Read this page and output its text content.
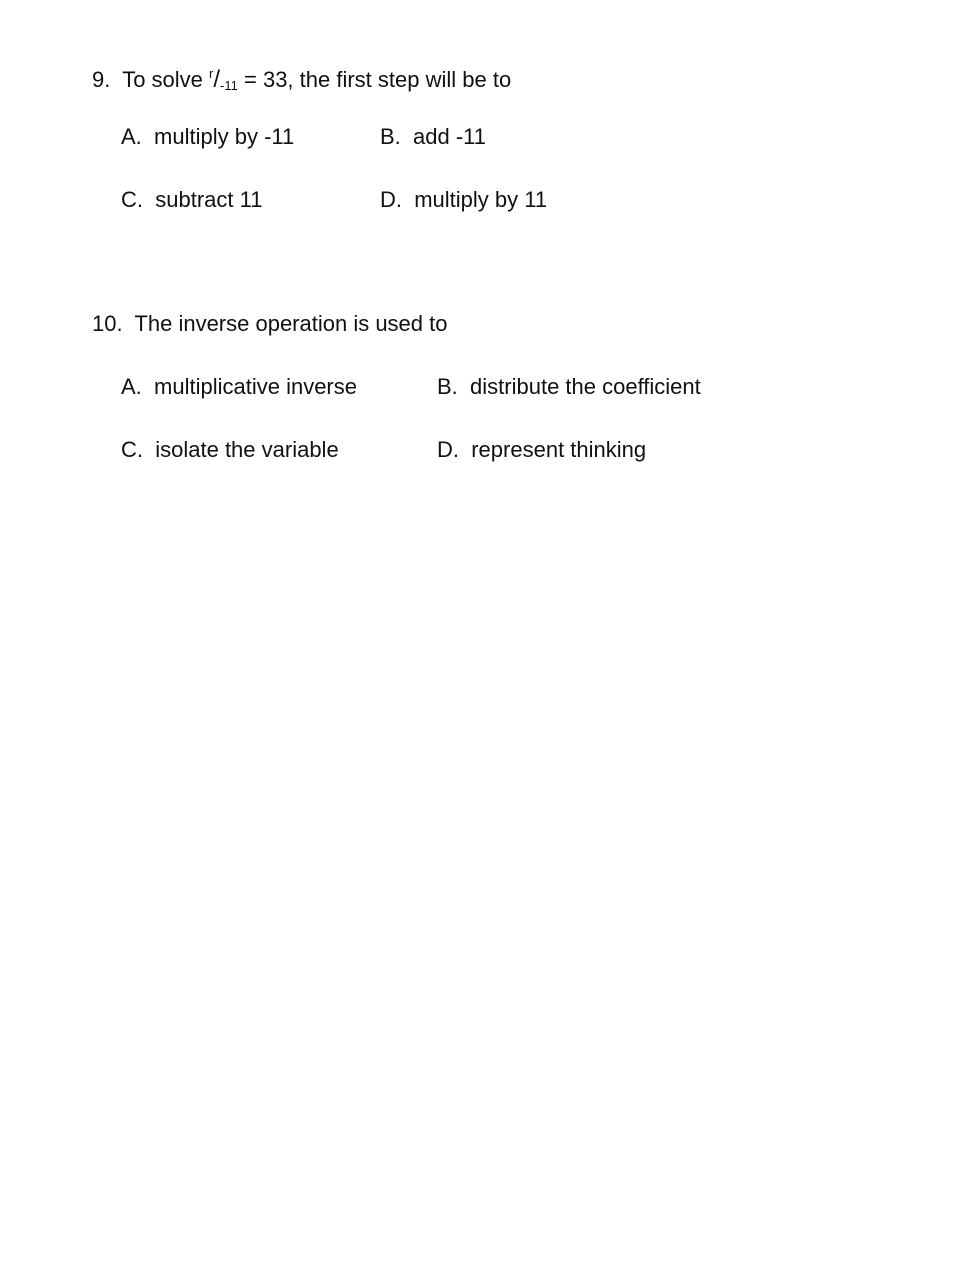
9. To solve $^r$/-11 = 33, the first step will be to
A. multiply by -11	B. add -11
C. subtract 11	D. multiply by 11
10. The inverse operation is used to
A. multiplicative inverse	B. distribute the coefficient
C. isolate the variable	D. represent thinking
